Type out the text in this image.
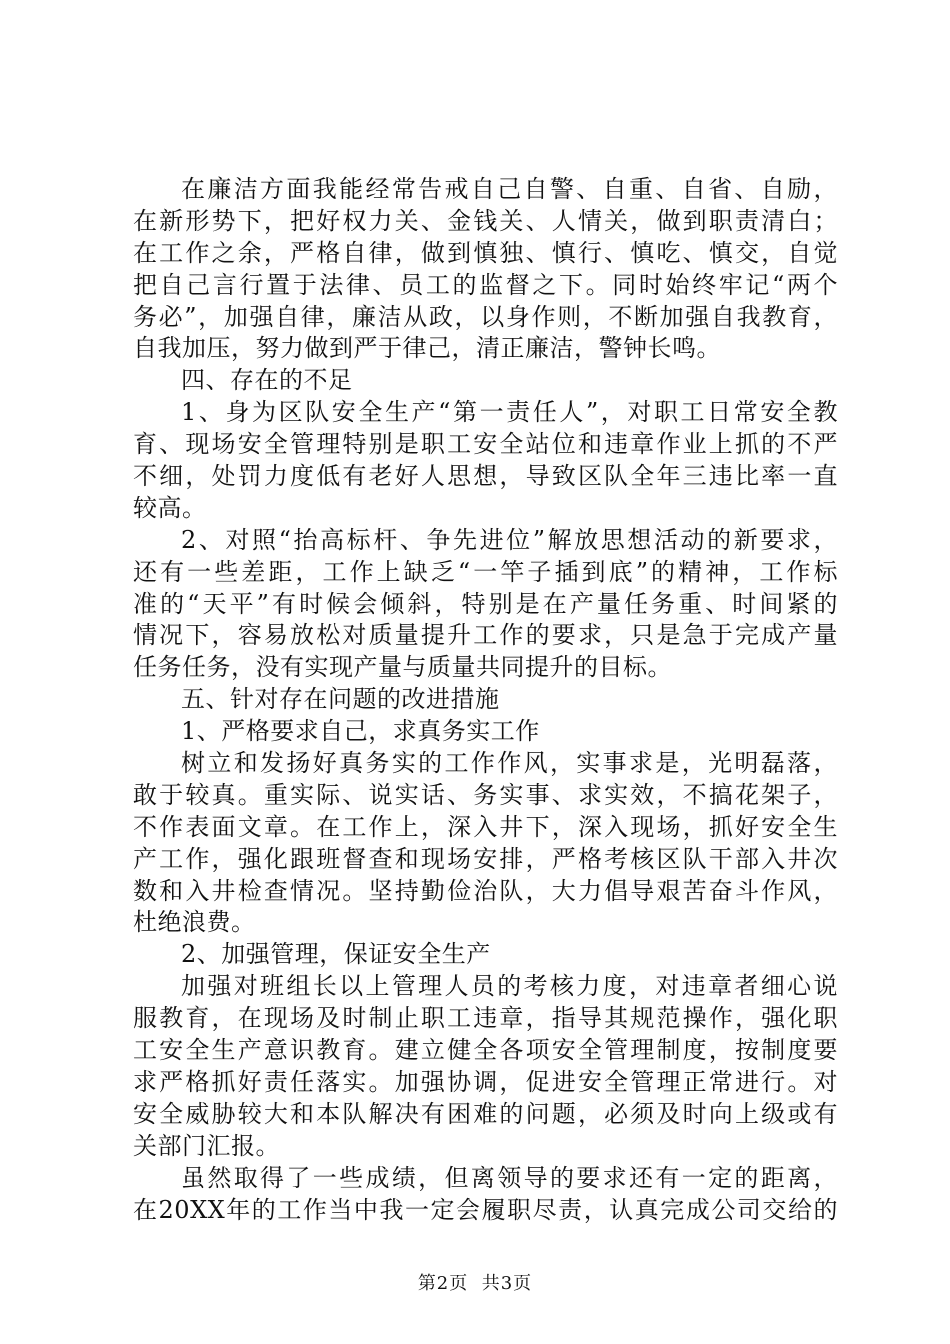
在廉洁方面我能经常告戒自己自警、自重、自省、自励，
在新形势下，把好权力关、金钱关、人情关，做到职责清白；
在工作之余，严格自律，做到慎独、慎行、慎吃、慎交，自觉
把自己言行置于法律、员工的监督之下。同时始终牢记“两个
务必”，加强自律，廉洁从政，以身作则，不断加强自我教育，
自我加压，努力做到严于律己，清正廉洁，警钟长鸣。
四、存在的不足
1、身为区队安全生产“第一责任人”，对职工日常安全教
育、现场安全管理特别是职工安全站位和违章作业上抓的不严
不细，处罚力度低有老好人思想，导致区队全年三违比率一直
较高。
2、对照“抬高标杆、争先进位”解放思想活动的新要求，
还有一些差距，工作上缺乏“一竿子插到底”的精神，工作标
准的“天平”有时候会倾斜，特别是在产量任务重、时间紧的
情况下，容易放松对质量提升工作的要求，只是急于完成产量
任务任务，没有实现产量与质量共同提升的目标。
五、针对存在问题的改进措施
1、严格要求自己，求真务实工作
树立和发扬好真务实的工作作风，实事求是，光明磊落，
敢于较真。重实际、说实话、务实事、求实效，不搞花架子，
不作表面文章。在工作上，深入井下，深入现场，抓好安全生
产工作，强化跟班督查和现场安排，严格考核区队干部入井次
数和入井检查情况。坚持勤俭治队，大力倡导艰苦奋斗作风，
杜绝浪费。
2、加强管理，保证安全生产
加强对班组长以上管理人员的考核力度，对违章者细心说
服教育，在现场及时制止职工违章，指导其规范操作，强化职
工安全生产意识教育。建立健全各项安全管理制度，按制度要
求严格抓好责任落实。加强协调，促进安全管理正常进行。对
安全威胁较大和本队解决有困难的问题，必须及时向上级或有
关部门汇报。
虽然取得了一些成绩，但离领导的要求还有一定的距离，
在20XX年的工作当中我一定会履职尽责，认真完成公司交给的
第2页  共3页
